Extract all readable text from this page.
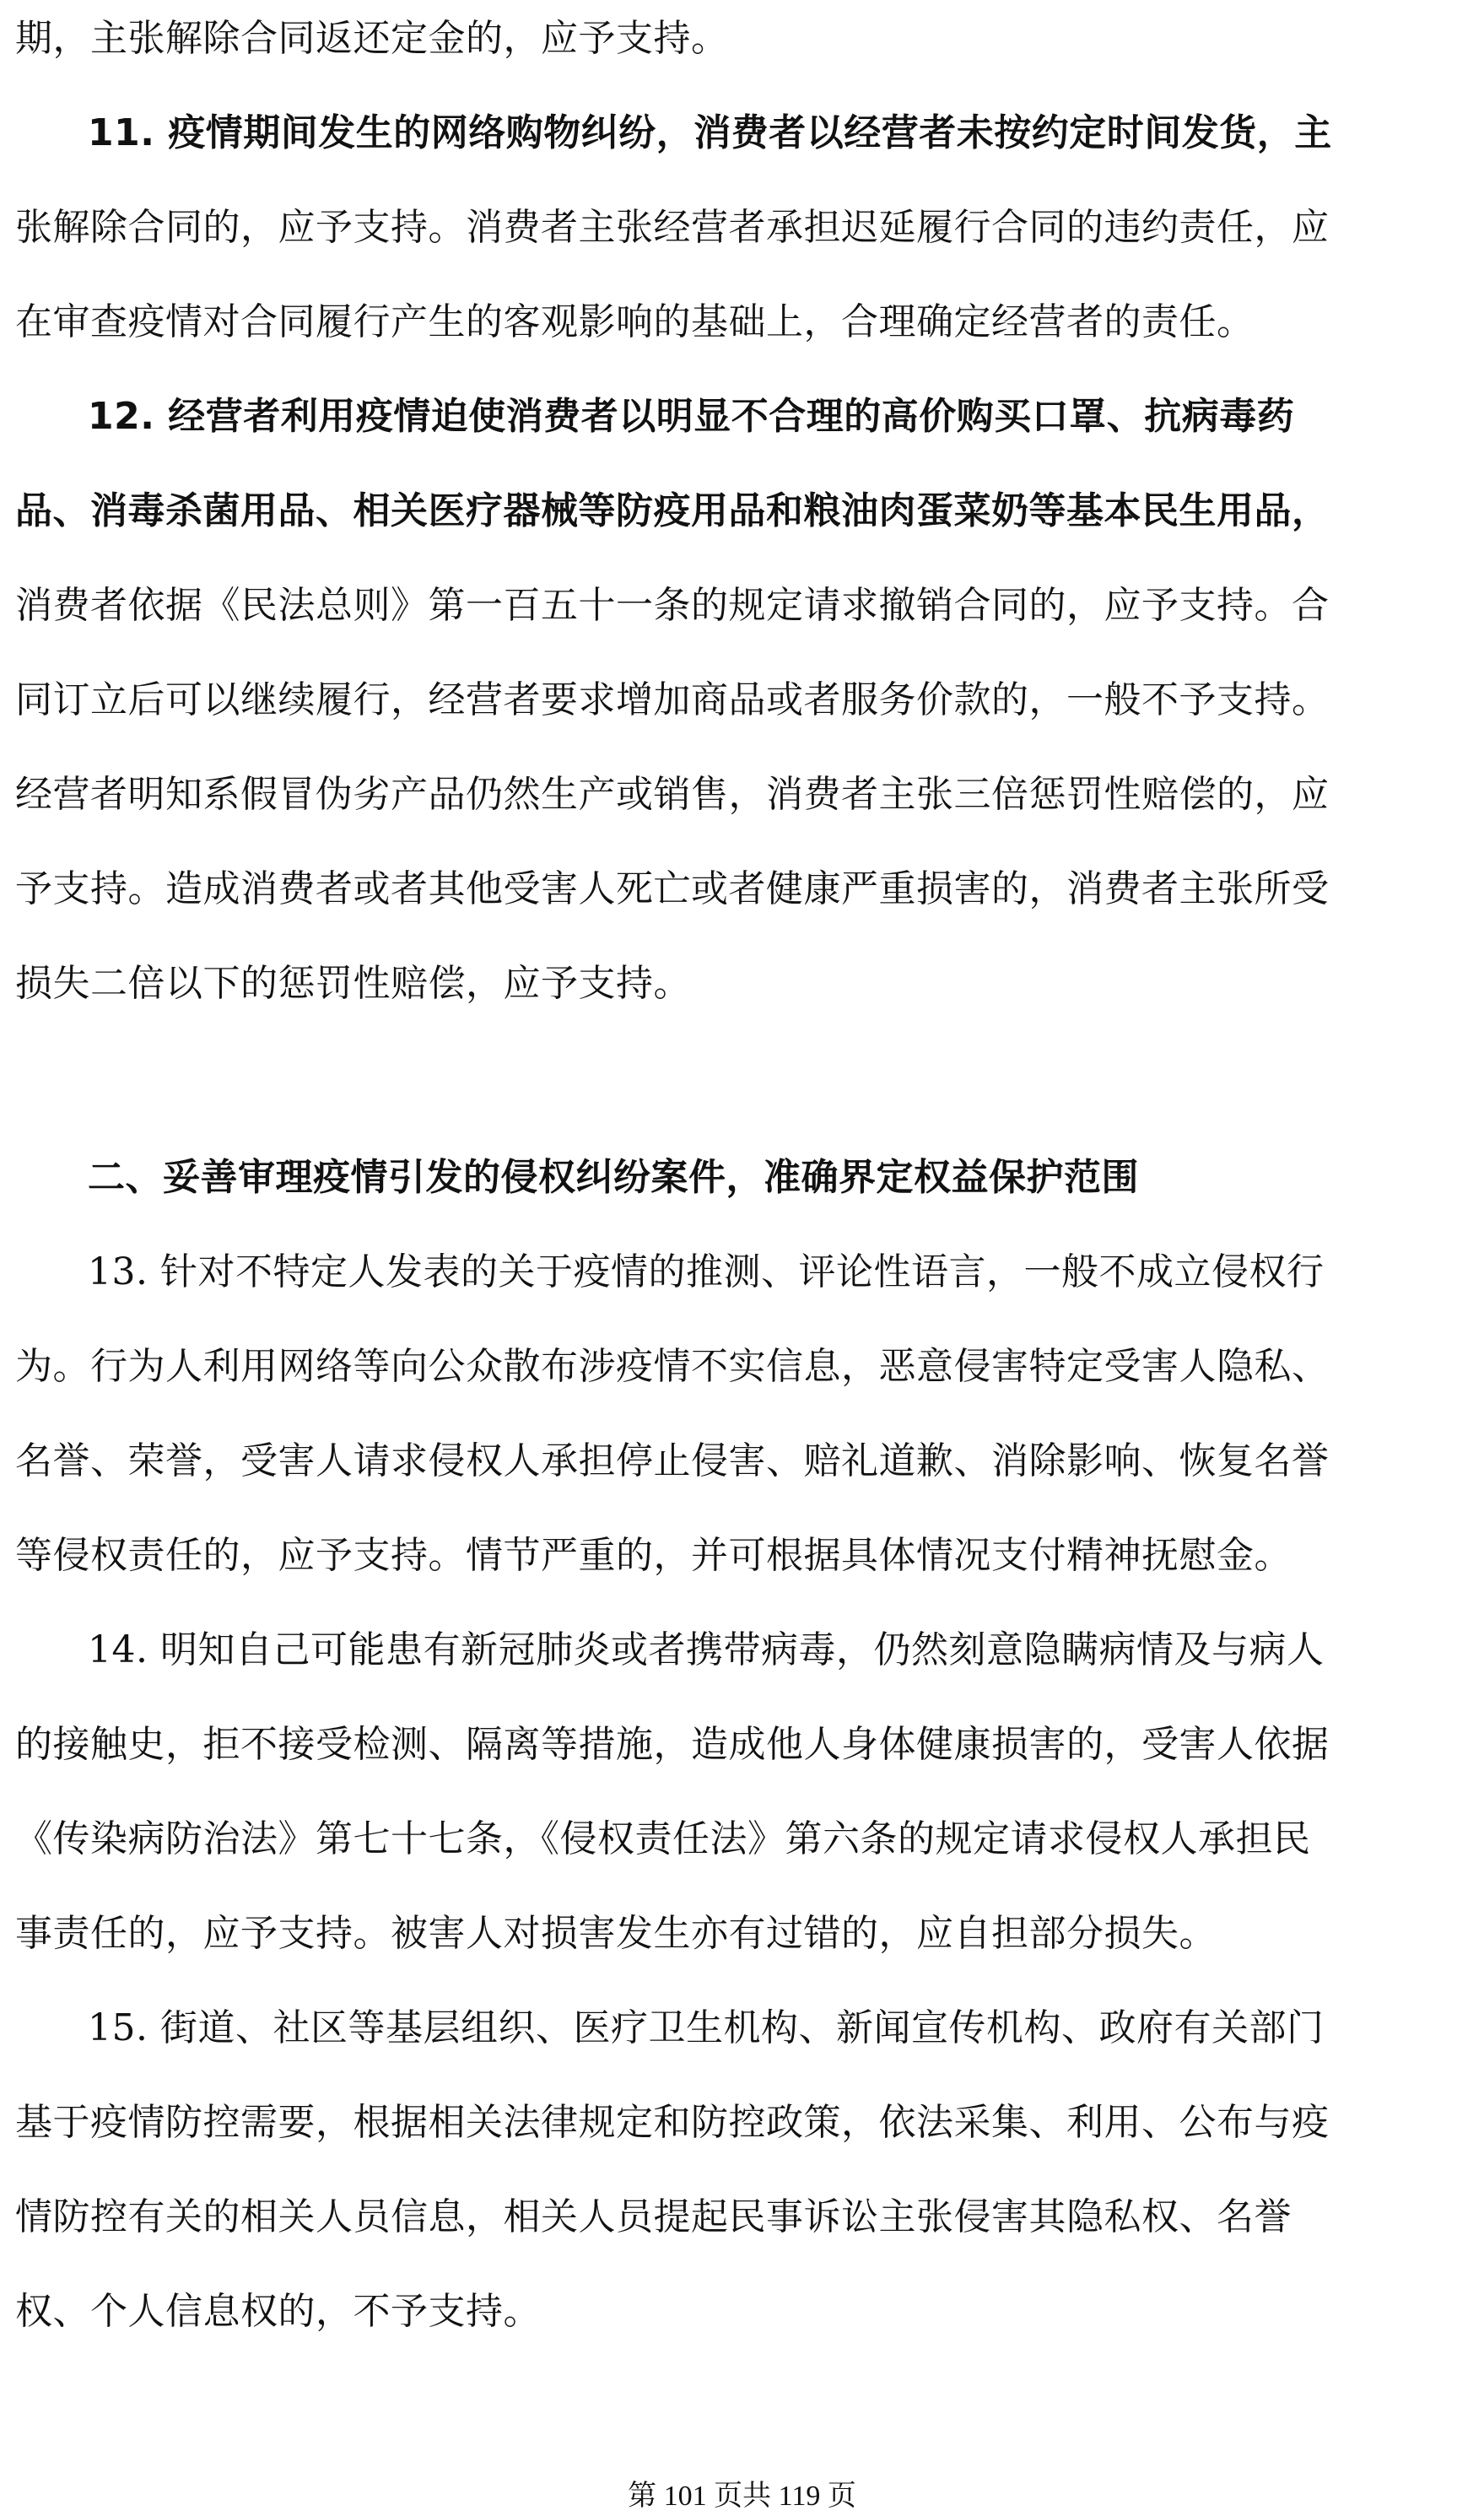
期，主张解除合同返还定金的，应予支持。
11. 疫情期间发生的网络购物纠纷，消费者以经营者未按约定时间发货，主
张解除合同的，应予支持。消费者主张经营者承担迟延履行合同的违约责任，应
在审查疫情对合同履行产生的客观影响的基础上，合理确定经营者的责任。
12. 经营者利用疫情迫使消费者以明显不合理的高价购买口罩、抗病毒药
品、消毒杀菌用品、相关医疗器械等防疫用品和粮油肉蛋菜奶等基本民生用品，
消费者依据《民法总则》第一百五十一条的规定请求撤销合同的，应予支持。合
同订立后可以继续履行，经营者要求增加商品或者服务价款的，一般不予支持。
经营者明知系假冒伪劣产品仍然生产或销售，消费者主张三倍惩罚性赔偿的，应
予支持。造成消费者或者其他受害人死亡或者健康严重损害的，消费者主张所受
损失二倍以下的惩罚性赔偿，应予支持。
二、妥善审理疫情引发的侵权纠纷案件，准确界定权益保护范围
13. 针对不特定人发表的关于疫情的推测、评论性语言，一般不成立侵权行
为。行为人利用网络等向公众散布涉疫情不实信息，恶意侵害特定受害人隐私、
名誉、荣誉，受害人请求侵权人承担停止侵害、赔礼道歉、消除影响、恢复名誉
等侵权责任的，应予支持。情节严重的，并可根据具体情况支付精神抚慰金。
14. 明知自己可能患有新冠肺炎或者携带病毒，仍然刻意隐瞒病情及与病人
的接触史，拒不接受检测、隔离等措施，造成他人身体健康损害的，受害人依据
《传染病防治法》第七十七条，《侵权责任法》第六条的规定请求侵权人承担民
事责任的，应予支持。被害人对损害发生亦有过错的，应自担部分损失。
15. 街道、社区等基层组织、医疗卫生机构、新闻宣传机构、政府有关部门
基于疫情防控需要，根据相关法律规定和防控政策，依法采集、利用、公布与疫
情防控有关的相关人员信息，相关人员提起民事诉讼主张侵害其隐私权、名誉
权、个人信息权的，不予支持。
第 101 页共 119 页
